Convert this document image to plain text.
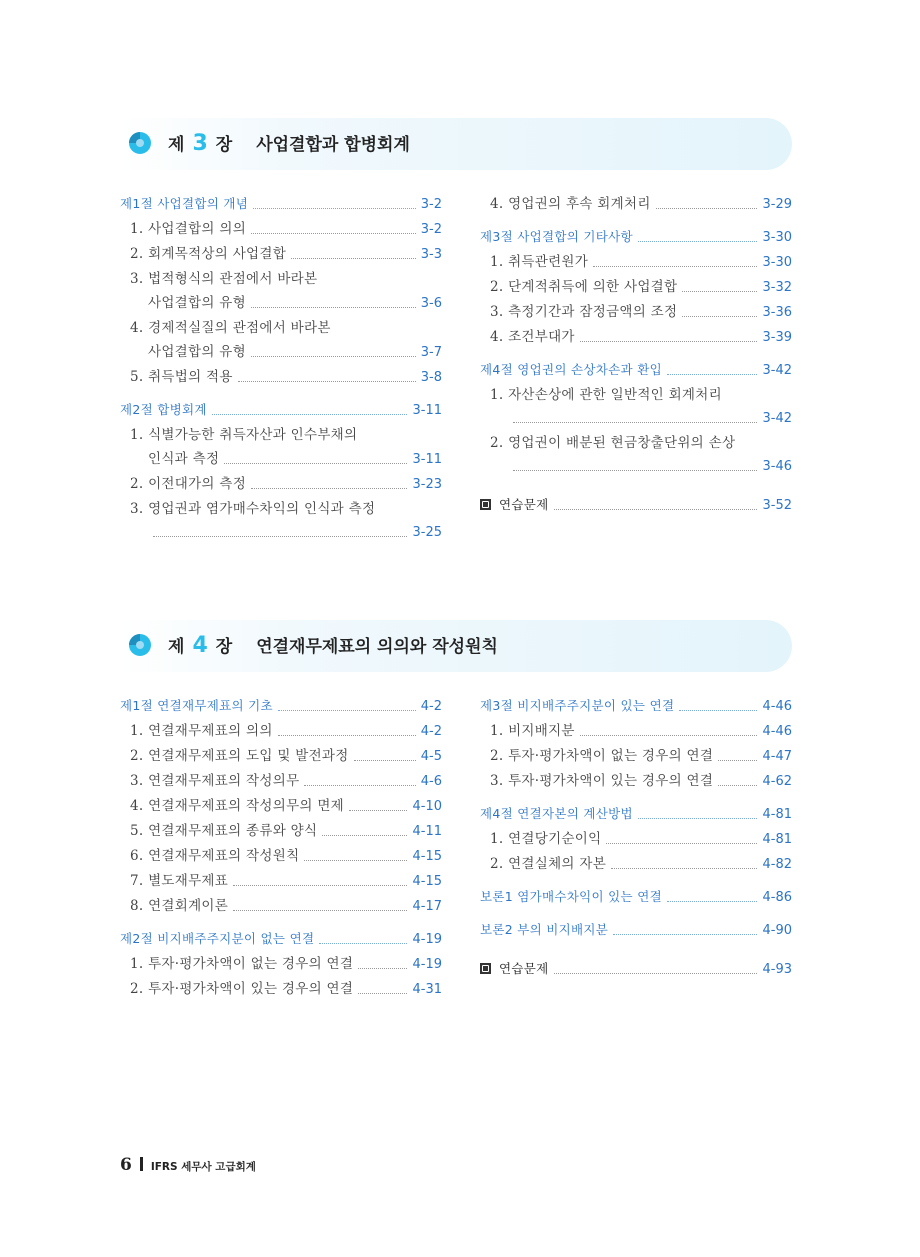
제 3 장 사업결합과 합병회계
제1절 사업결합의 개념	3-2
1. 사업결합의 의의	3-2
2. 회계목적상의 사업결합	3-3
3. 법적형식의 관점에서 바라본
사업결합의 유형	3-6
4. 경제적실질의 관점에서 바라본
사업결합의 유형	3-7
5. 취득법의 적용	3-8
제2절 합병회계	3-11
1. 식별가능한 취득자산과 인수부채의
인식과 측정	3-11
2. 이전대가의 측정	3-23
3. 영업권과 염가매수차익의 인식과 측정
3-25
4. 영업권의 후속 회계처리	3-29
제3절 사업결합의 기타사항	3-30
1. 취득관련원가	3-30
2. 단계적취득에 의한 사업결합	3-32
3. 측정기간과 잠정금액의 조정	3-36
4. 조건부대가	3-39
제4절 영업권의 손상차손과 환입	3-42
1. 자산손상에 관한 일반적인 회계처리
3-42
2. 영업권이 배분된 현금창출단위의 손상
3-46
연습문제	3-52
제 4 장 연결재무제표의 의의와 작성원칙
제1절 연결재무제표의 기초	4-2
1. 연결재무제표의 의의	4-2
2. 연결재무제표의 도입 및 발전과정	4-5
3. 연결재무제표의 작성의무	4-6
4. 연결재무제표의 작성의무의 면제	4-10
5. 연결재무제표의 종류와 양식	4-11
6. 연결재무제표의 작성원칙	4-15
7. 별도재무제표	4-15
8. 연결회계이론	4-17
제2절 비지배주주지분이 없는 연결	4-19
1. 투자·평가차액이 없는 경우의 연결	4-19
2. 투자·평가차액이 있는 경우의 연결	4-31
제3절 비지배주주지분이 있는 연결	4-46
1. 비지배지분	4-46
2. 투자·평가차액이 없는 경우의 연결	4-47
3. 투자·평가차액이 있는 경우의 연결	4-62
제4절 연결자본의 계산방법	4-81
1. 연결당기순이익	4-81
2. 연결실체의 자본	4-82
보론1 염가매수차익이 있는 연결	4-86
보론2 부의 비지배지분	4-90
연습문제	4-93
6 IFRS 세무사 고급회계
